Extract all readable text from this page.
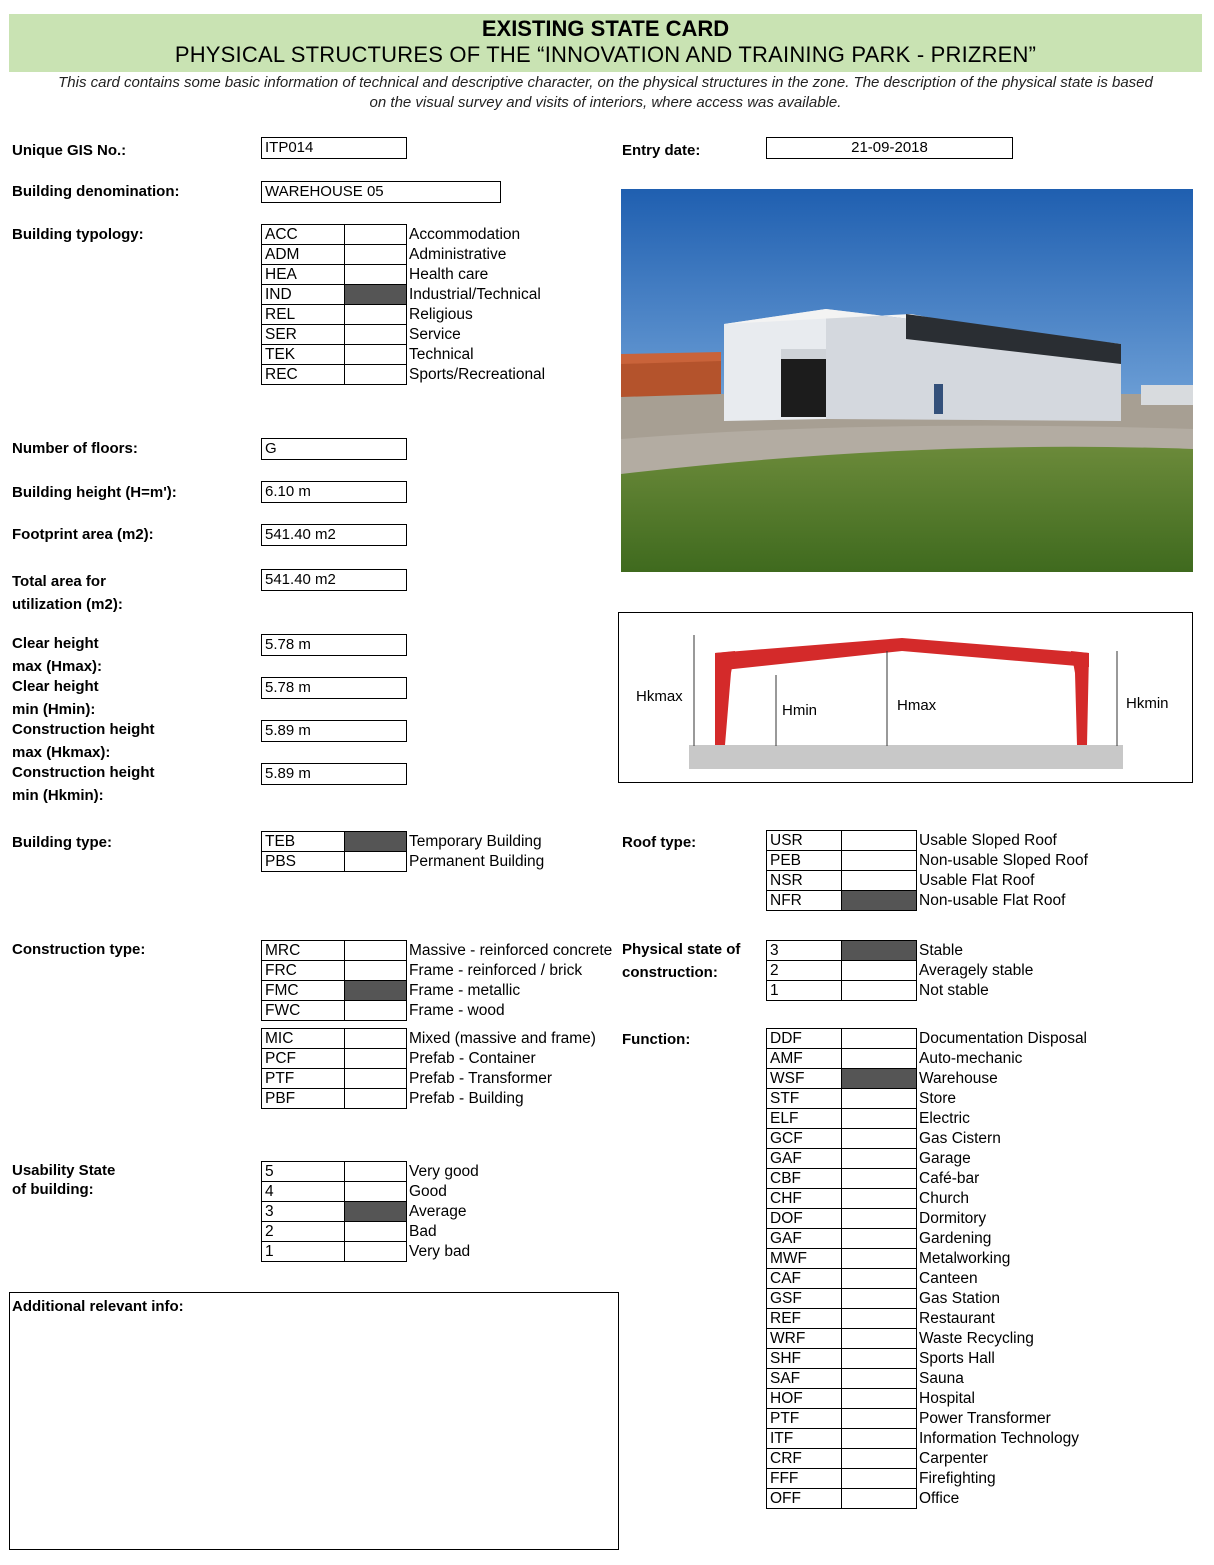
EXISTING STATE CARD
PHYSICAL STRUCTURES OF THE “INNOVATION AND TRAINING PARK - PRIZREN”
This card contains some basic information of technical and descriptive character, on the physical structures in the zone. The description of the physical state is based
on the visual survey and visits of interiors, where access was available.
Unique GIS No.:	ITP014	Entry date:	21-09-2018
Building denomination:	WAREHOUSE 05
Building typology:	ACC		Accommodation
ADM		Administrative
HEA		Health care
IND		Industrial/Technical
REL		Religious
SER		Service
TEK		Technical
REC		Sports/Recreational
Number of floors:	G
Building height (H=m'):	6.10 m
Footprint area (m2):	541.40 m2
Total area for
utilization (m2):
541.40 m2
Clear height
max (Hmax):
5.78 m
Clear height
min (Hmin):
5.78 m
Construction height
max (Hkmax):
5.89 m
Construction height
min (Hkmin):
5.89 m
Building type:	TEB		Temporary Building
PBS		Permanent Building
Roof type:	USR		Usable Sloped Roof
PEB		Non-usable Sloped Roof
NSR		Usable Flat Roof
NFR		Non-usable Flat Roof
Construction type:	MRC		Massive - reinforced concrete
FRC		Frame - reinforced / brick
FMC		Frame - metallic
FWC		Frame - wood
MIC		Mixed (massive and frame)
PCF		Prefab - Container
PTF		Prefab - Transformer
PBF		Prefab - Building
Physical state of
construction:
3		Stable
2		Averagely stable
1		Not stable
Function:	DDF		Documentation Disposal
AMF		Auto-mechanic
WSF		Warehouse
STF		Store
ELF		Electric
GCF		Gas Cistern
GAF		Garage
CBF		Café-bar
CHF		Church
DOF		Dormitory
GAF		Gardening
MWF		Metalworking
CAF		Canteen
GSF		Gas Station
REF		Restaurant
WRF		Waste Recycling
SHF		Sports Hall
SAF		Sauna
HOF		Hospital
PTF		Power Transformer
ITF		Information Technology
CRF		Carpenter
FFF		Firefighting
OFF		Office
Usability State
of building:
5		Very good
4		Good
3		Average
2		Bad
1		Very bad
Additional relevant info:
Hkmax
Hmin	Hmax	Hkmin
